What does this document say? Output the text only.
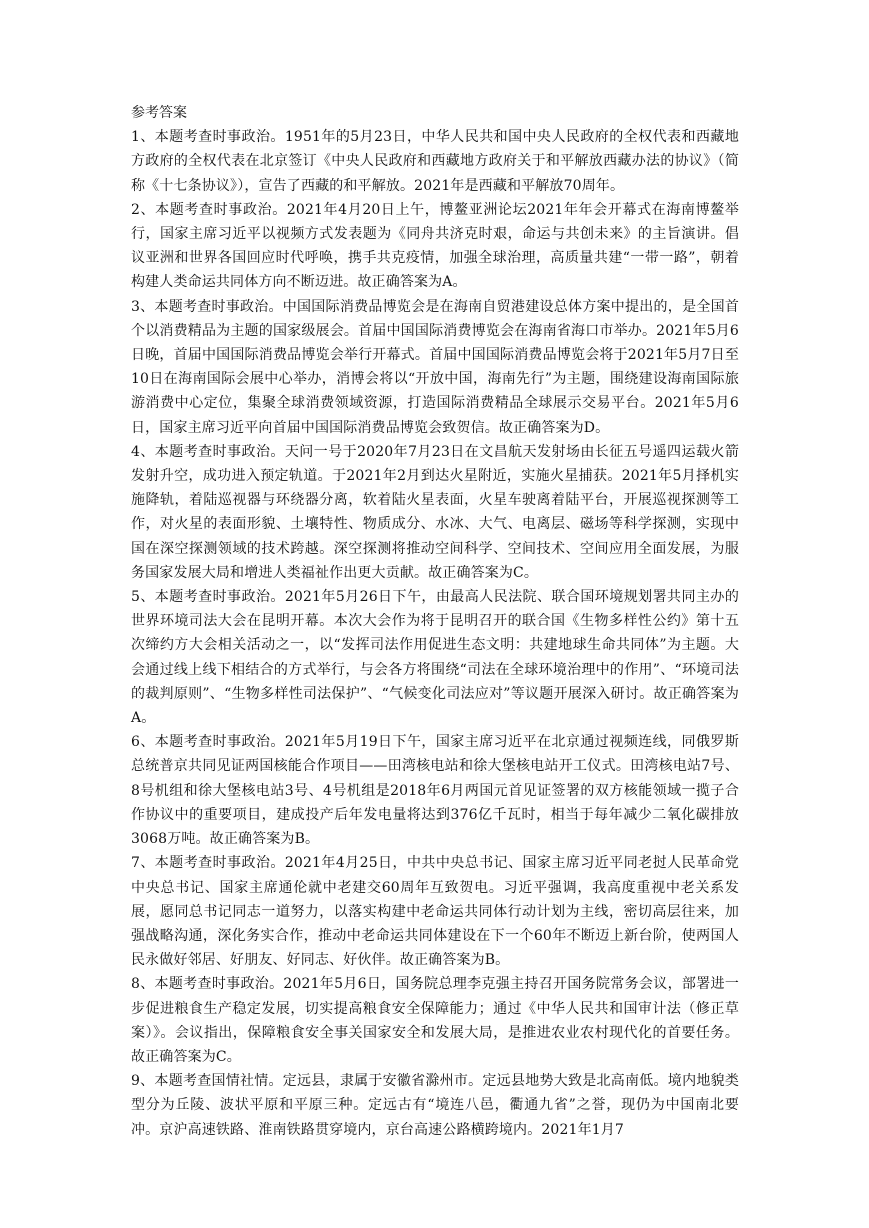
参考答案

1、本题考查时事政治。1951年的5月23日，中华人民共和国中央人民政府的全权代表和西藏地方政府的全权代表在北京签订《中央人民政府和西藏地方政府关于和平解放西藏办法的协议》（简称《十七条协议》），宣告了西藏的和平解放。2021年是西藏和平解放70周年。

2、本题考查时事政治。2021年4月20日上午，博鳌亚洲论坛2021年年会开幕式在海南博鳌举行，国家主席习近平以视频方式发表题为《同舟共济克时艰，命运与共创未来》的主旨演讲。倡议亚洲和世界各国回应时代呼唤，携手共克疫情，加强全球治理，高质量共建“一带一路”，朝着构建人类命运共同体方向不断迈进。故正确答案为A。

3、本题考查时事政治。中国国际消费品博览会是在海南自贸港建设总体方案中提出的，是全国首个以消费精品为主题的国家级展会。首届中国国际消费博览会在海南省海口市举办。2021年5月6日晚，首届中国国际消费品博览会举行开幕式。首届中国国际消费品博览会将于2021年5月7日至10日在海南国际会展中心举办，消博会将以“开放中国，海南先行”为主题，围绕建设海南国际旅游消费中心定位，集聚全球消费领域资源，打造国际消费精品全球展示交易平台。2021年5月6日，国家主席习近平向首届中国国际消费品博览会致贺信。故正确答案为D。

4、本题考查时事政治。天问一号于2020年7月23日在文昌航天发射场由长征五号遥四运载火箭发射升空，成功进入预定轨道。于2021年2月到达火星附近，实施火星捕获。2021年5月择机实施降轨，着陆巡视器与环绕器分离，软着陆火星表面，火星车驶离着陆平台，开展巡视探测等工作，对火星的表面形貌、土壤特性、物质成分、水冰、大气、电离层、磁场等科学探测，实现中国在深空探测领域的技术跨越。深空探测将推动空间科学、空间技术、空间应用全面发展，为服务国家发展大局和增进人类福祉作出更大贡献。故正确答案为C。

5、本题考查时事政治。2021年5月26日下午，由最高人民法院、联合国环境规划署共同主办的世界环境司法大会在昆明开幕。本次大会作为将于昆明召开的联合国《生物多样性公约》第十五次缔约方大会相关活动之一，以“发挥司法作用促进生态文明：共建地球生命共同体”为主题。大会通过线上线下相结合的方式举行，与会各方将围绕“司法在全球环境治理中的作用”、“环境司法的裁判原则”、“生物多样性司法保护”、“气候变化司法应对”等议题开展深入研讨。故正确答案为A。

6、本题考查时事政治。2021年5月19日下午，国家主席习近平在北京通过视频连线，同俄罗斯总统普京共同见证两国核能合作项目——田湾核电站和徐大堡核电站开工仪式。田湾核电站7号、8号机组和徐大堡核电站3号、4号机组是2018年6月两国元首见证签署的双方核能领域一揽子合作协议中的重要项目，建成投产后年发电量将达到376亿千瓦时，相当于每年减少二氧化碳排放3068万吨。故正确答案为B。

7、本题考查时事政治。2021年4月25日，中共中央总书记、国家主席习近平同老挝人民革命党中央总书记、国家主席通伦就中老建交60周年互致贺电。习近平强调，我高度重视中老关系发展，愿同总书记同志一道努力，以落实构建中老命运共同体行动计划为主线，密切高层往来，加强战略沟通，深化务实合作，推动中老命运共同体建设在下一个60年不断迈上新台阶，使两国人民永做好邻居、好朋友、好同志、好伙伴。故正确答案为B。

8、本题考查时事政治。2021年5月6日，国务院总理李克强主持召开国务院常务会议，部署进一步促进粮食生产稳定发展，切实提高粮食安全保障能力；通过《中华人民共和国审计法（修正草案）》。会议指出，保障粮食安全事关国家安全和发展大局，是推进农业农村现代化的首要任务。故正确答案为C。

9、本题考查国情社情。定远县，隶属于安徽省滁州市。定远县地势大致是北高南低。境内地貌类型分为丘陵、波状平原和平原三种。定远古有“境连八邑，衢通九省”之誉，现仍为中国南北要冲。京沪高速铁路、淮南铁路贯穿境内，京台高速公路横跨境内。2021年1月7
